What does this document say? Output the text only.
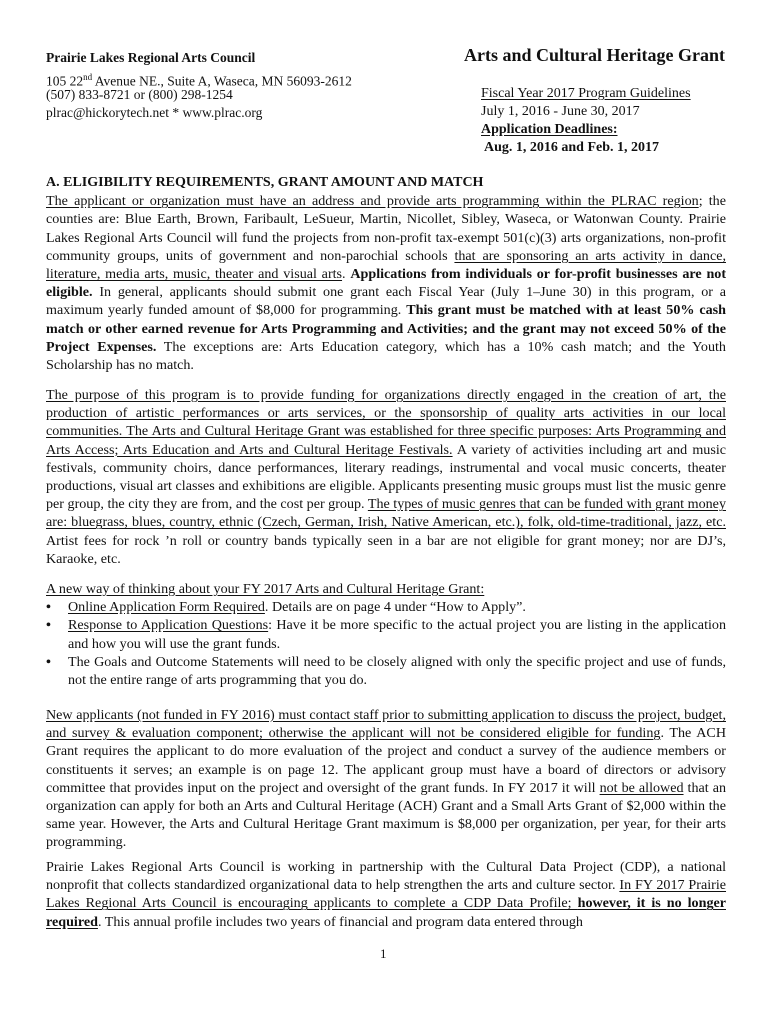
Prairie Lakes Regional Arts Council
105 22nd Avenue NE., Suite A, Waseca, MN 56093-2612
(507) 833-8721 or (800) 298-1254
plrac@hickorytech.net * www.plrac.org
Arts and Cultural Heritage Grant
Fiscal Year 2017 Program Guidelines
July 1, 2016 - June 30, 2017
Application Deadlines:
Aug. 1, 2016 and Feb. 1, 2017
A. ELIGIBILITY REQUIREMENTS, GRANT AMOUNT AND MATCH
The applicant or organization must have an address and provide arts programming within the PLRAC region; the counties are: Blue Earth, Brown, Faribault, LeSueur, Martin, Nicollet, Sibley, Waseca, or Watonwan County. Prairie Lakes Regional Arts Council will fund the projects from non-profit tax-exempt 501(c)(3) arts organizations, non-profit community groups, units of government and non-parochial schools that are sponsoring an arts activity in dance, literature, media arts, music, theater and visual arts. Applications from individuals or for-profit businesses are not eligible. In general, applicants should submit one grant each Fiscal Year (July 1–June 30) in this program, or a maximum yearly funded amount of $8,000 for programming. This grant must be matched with at least 50% cash match or other earned revenue for Arts Programming and Activities; and the grant may not exceed 50% of the Project Expenses. The exceptions are: Arts Education category, which has a 10% cash match; and the Youth Scholarship has no match.
The purpose of this program is to provide funding for organizations directly engaged in the creation of art, the production of artistic performances or arts services, or the sponsorship of quality arts activities in our local communities. The Arts and Cultural Heritage Grant was established for three specific purposes: Arts Programming and Arts Access; Arts Education and Arts and Cultural Heritage Festivals. A variety of activities including art and music festivals, community choirs, dance performances, literary readings, instrumental and vocal music concerts, theater productions, visual art classes and exhibitions are eligible. Applicants presenting music groups must list the music genre per group, the city they are from, and the cost per group. The types of music genres that can be funded with grant money are: bluegrass, blues, country, ethnic (Czech, German, Irish, Native American, etc.), folk, old-time-traditional, jazz, etc. Artist fees for rock ’n roll or country bands typically seen in a bar are not eligible for grant money; nor are DJ’s, Karaoke, etc.
A new way of thinking about your FY 2017 Arts and Cultural Heritage Grant:
• Online Application Form Required. Details are on page 4 under “How to Apply”.
• Response to Application Questions: Have it be more specific to the actual project you are listing in the application and how you will use the grant funds.
• The Goals and Outcome Statements will need to be closely aligned with only the specific project and use of funds, not the entire range of arts programming that you do.
New applicants (not funded in FY 2016) must contact staff prior to submitting application to discuss the project, budget, and survey & evaluation component; otherwise the applicant will not be considered eligible for funding. The ACH Grant requires the applicant to do more evaluation of the project and conduct a survey of the audience members or constituents it serves; an example is on page 12. The applicant group must have a board of directors or advisory committee that provides input on the project and oversight of the grant funds. In FY 2017 it will not be allowed that an organization can apply for both an Arts and Cultural Heritage (ACH) Grant and a Small Arts Grant of $2,000 within the same year. However, the Arts and Cultural Heritage Grant maximum is $8,000 per organization, per year, for their arts programming.
Prairie Lakes Regional Arts Council is working in partnership with the Cultural Data Project (CDP), a national nonprofit that collects standardized organizational data to help strengthen the arts and culture sector. In FY 2017 Prairie Lakes Regional Arts Council is encouraging applicants to complete a CDP Data Profile; however, it is no longer required. This annual profile includes two years of financial and program data entered through
1
